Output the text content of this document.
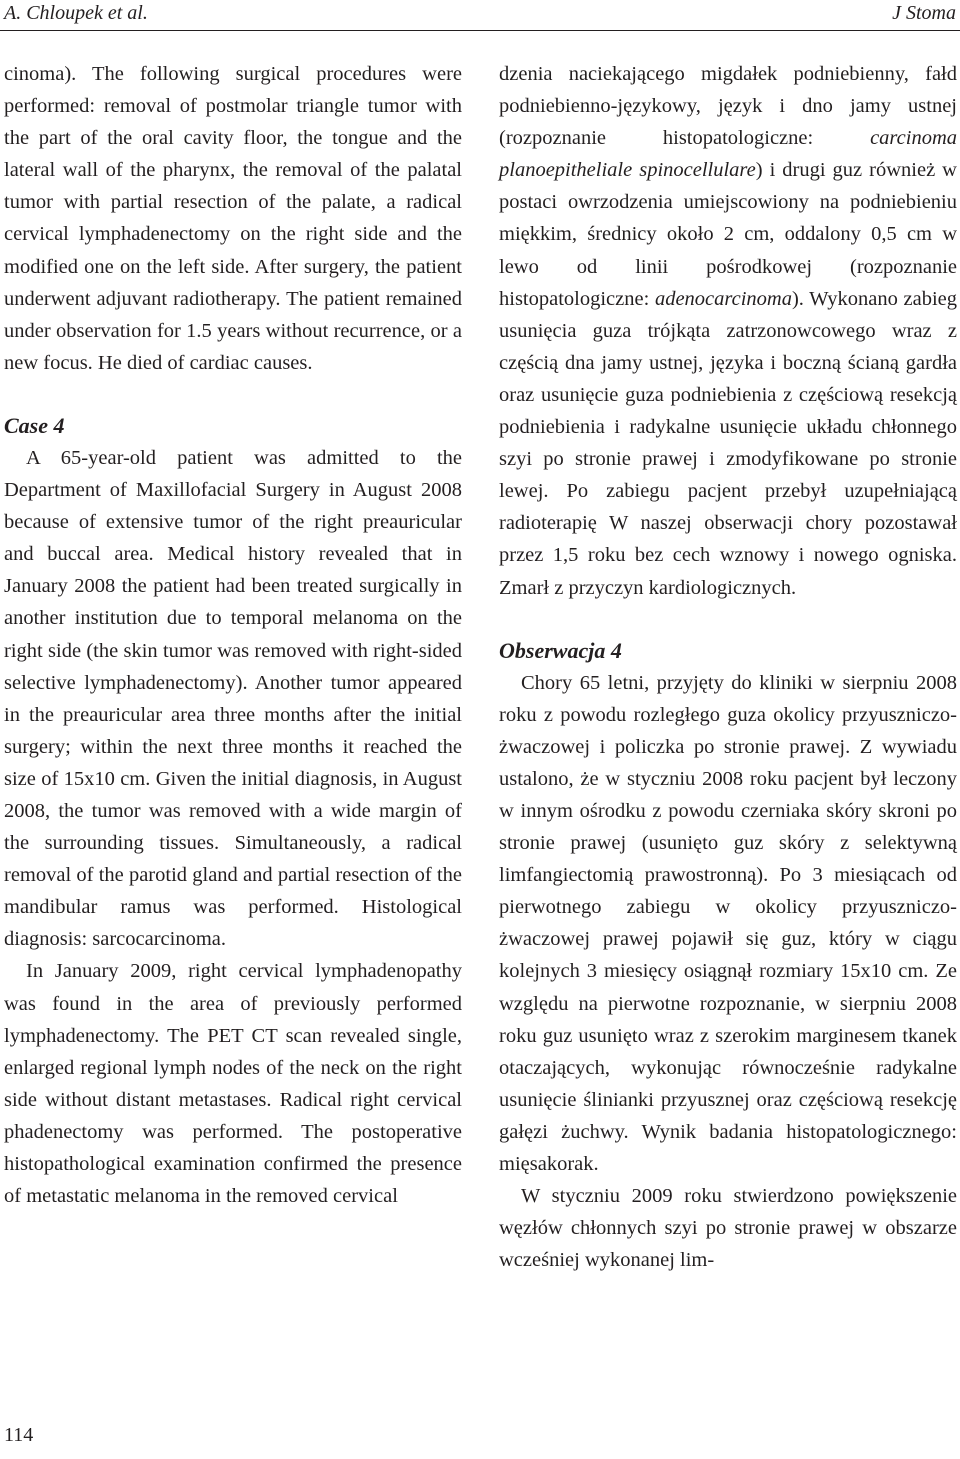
A. Chloupek et al.	J Stoma

cinoma). The following surgical procedures were performed: removal of postmolar triangle tumor with the part of the oral cavity floor, the tongue and the lateral wall of the pharynx, the removal of the palatal tumor with partial resection of the palate, a radical cervical lymphadenectomy on the right side and the modified one on the left side. After surgery, the patient underwent adjuvant radiotherapy. The patient remained under observation for 1.5 years without recurrence, or a new focus. He died of cardiac causes.

Case 4

A 65-year-old patient was admitted to the Department of Maxillofacial Surgery in August 2008 because of extensive tumor of the right preauricular and buccal area. Medical history revealed that in January 2008 the patient had been treated surgically in another institution due to temporal melanoma on the right side (the skin tumor was removed with right-sided selective lymphadenectomy). Another tumor appeared in the preauricular area three months after the initial surgery; within the next three months it reached the size of 15x10 cm. Given the initial diagnosis, in August 2008, the tumor was removed with a wide margin of the surrounding tissues. Simultaneously, a radical removal of the parotid gland and partial resection of the mandibular ramus was performed. Histological diagnosis: sarcocarcinoma.

In January 2009, right cervical lymphadenopathy was found in the area of previously performed lymphadenectomy. The PET CT scan revealed single, enlarged regional lymph nodes of the neck on the right side without distant metastases. Radical right cervical phadenectomy was performed. The postoperative histopathological examination confirmed the presence of metastatic melanoma in the removed cervical

dzenia naciekającego migdałek podniebienny, fałd podniebienno-językowy, język i dno jamy ustnej (rozpoznanie histopatologiczne: carcinoma planoepitheliale spinocellulare) i drugi guz również w postaci owrzodzenia umiejscowiony na podniebieniu miękkim, średnicy około 2 cm, oddalony 0,5 cm w lewo od linii pośrodkowej (rozpoznanie histopatologiczne: adenocarcinoma). Wykonano zabieg usunięcia guza trójkąta zatrzonowcowego wraz z częścią dna jamy ustnej, języka i boczną ścianą gardła oraz usunięcie guza podniebienia z częściową resekcją podniebienia i radykalne usunięcie układu chłonnego szyi po stronie prawej i zmodyfikowane po stronie lewej. Po zabiegu pacjent przebył uzupełniającą radioterapię W naszej obserwacji chory pozostawał przez 1,5 roku bez cech wznowy i nowego ogniska. Zmarł z przyczyn kardiologicznych.

Obserwacja 4

Chory 65 letni, przyjęty do kliniki w sierpniu 2008 roku z powodu rozległego guza okolicy przyuszniczo-żwaczowej i policzka po stronie prawej. Z wywiadu ustalono, że w styczniu 2008 roku pacjent był leczony w innym ośrodku z powodu czerniaka skóry skroni po stronie prawej (usunięto guz skóry z selektywną limfangiectomią prawostronną). Po 3 miesiącach od pierwotnego zabiegu w okolicy przyuszniczo-żwaczowej prawej pojawił się guz, który w ciągu kolejnych 3 miesięcy osiągnął rozmiary 15x10 cm. Ze względu na pierwotne rozpoznanie, w sierpniu 2008 roku guz usunięto wraz z szerokim marginesem tkanek otaczających, wykonując równocześnie radykalne usunięcie ślinianki przyusznej oraz częściową resekcję gałęzi żuchwy. Wynik badania histopatologicznego: mięsakorak.

W styczniu 2009 roku stwierdzono powiększenie węzłów chłonnych szyi po stronie prawej w obszarze wcześniej wykonanej lim-

114
